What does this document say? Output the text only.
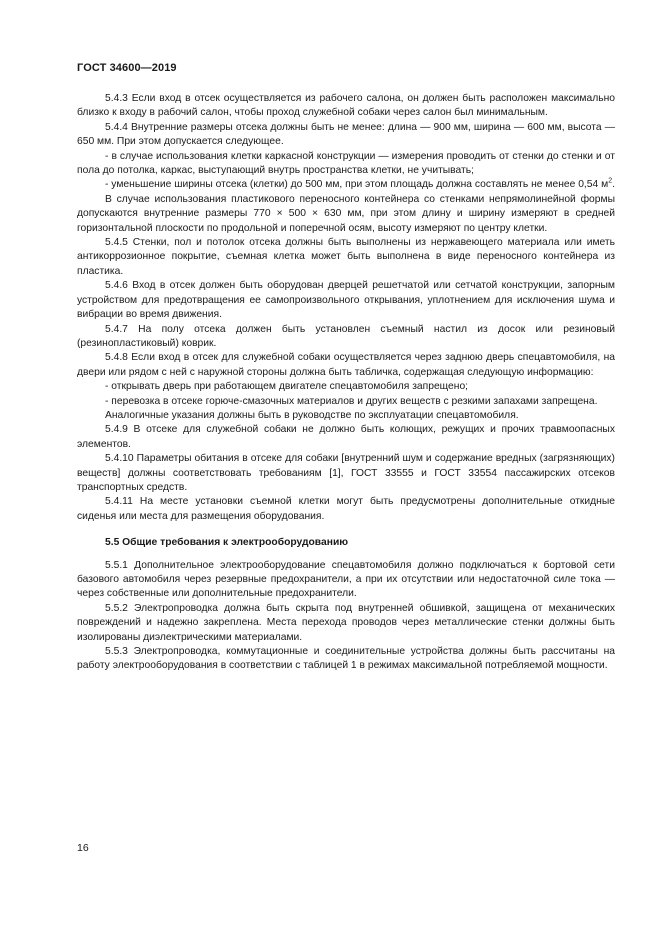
ГОСТ 34600—2019

5.4.3 Если вход в отсек осуществляется из рабочего салона, он должен быть расположен максимально близко к входу в рабочий салон, чтобы проход служебной собаки через салон был минимальным.

5.4.4 Внутренние размеры отсека должны быть не менее: длина — 900 мм, ширина — 600 мм, высота — 650 мм. При этом допускается следующее.

- в случае использования клетки каркасной конструкции — измерения проводить от стенки до стенки и от пола до потолка, каркас, выступающий внутрь пространства клетки, не учитывать;

- уменьшение ширины отсека (клетки) до 500 мм, при этом площадь должна составлять не менее 0,54 $м^2$.

В случае использования пластикового переносного контейнера со стенками непрямолинейной формы допускаются внутренние размеры 770 × 500 × 630 мм, при этом длину и ширину измеряют в средней горизонтальной плоскости по продольной и поперечной осям, высоту измеряют по центру клетки.

5.4.5 Стенки, пол и потолок отсека должны быть выполнены из нержавеющего материала или иметь антикоррозионное покрытие, съемная клетка может быть выполнена в виде переносного контейнера из пластика.

5.4.6 Вход в отсек должен быть оборудован дверцей решетчатой или сетчатой конструкции, запорным устройством для предотвращения ее самопроизвольного открывания, уплотнением для исключения шума и вибрации во время движения.

5.4.7 На полу отсека должен быть установлен съемный настил из досок или резиновый (резинопластиковый) коврик.

5.4.8 Если вход в отсек для служебной собаки осуществляется через заднюю дверь спецавтомобиля, на двери или рядом с ней с наружной стороны должна быть табличка, содержащая следующую информацию:

- открывать дверь при работающем двигателе спецавтомобиля запрещено;

- перевозка в отсеке горюче-смазочных материалов и других веществ с резкими запахами запрещена.

Аналогичные указания должны быть в руководстве по эксплуатации спецавтомобиля.

5.4.9 В отсеке для служебной собаки не должно быть колющих, режущих и прочих травмоопасных элементов.

5.4.10 Параметры обитания в отсеке для собаки [внутренний шум и содержание вредных (загрязняющих) веществ] должны соответствовать требованиям [1], ГОСТ 33555 и ГОСТ 33554 пассажирских отсеков транспортных средств.

5.4.11 На месте установки съемной клетки могут быть предусмотрены дополнительные откидные сиденья или места для размещения оборудования.

5.5 Общие требования к электрооборудованию

5.5.1 Дополнительное электрооборудование спецавтомобиля должно подключаться к бортовой сети базового автомобиля через резервные предохранители, а при их отсутствии или недостаточной силе тока — через собственные или дополнительные предохранители.

5.5.2 Электропроводка должна быть скрыта под внутренней обшивкой, защищена от механических повреждений и надежно закреплена. Места перехода проводов через металлические стенки должны быть изолированы диэлектрическими материалами.

5.5.3 Электропроводка, коммутационные и соединительные устройства должны быть рассчитаны на работу электрооборудования в соответствии с таблицей 1 в режимах максимальной потребляемой мощности.

16
